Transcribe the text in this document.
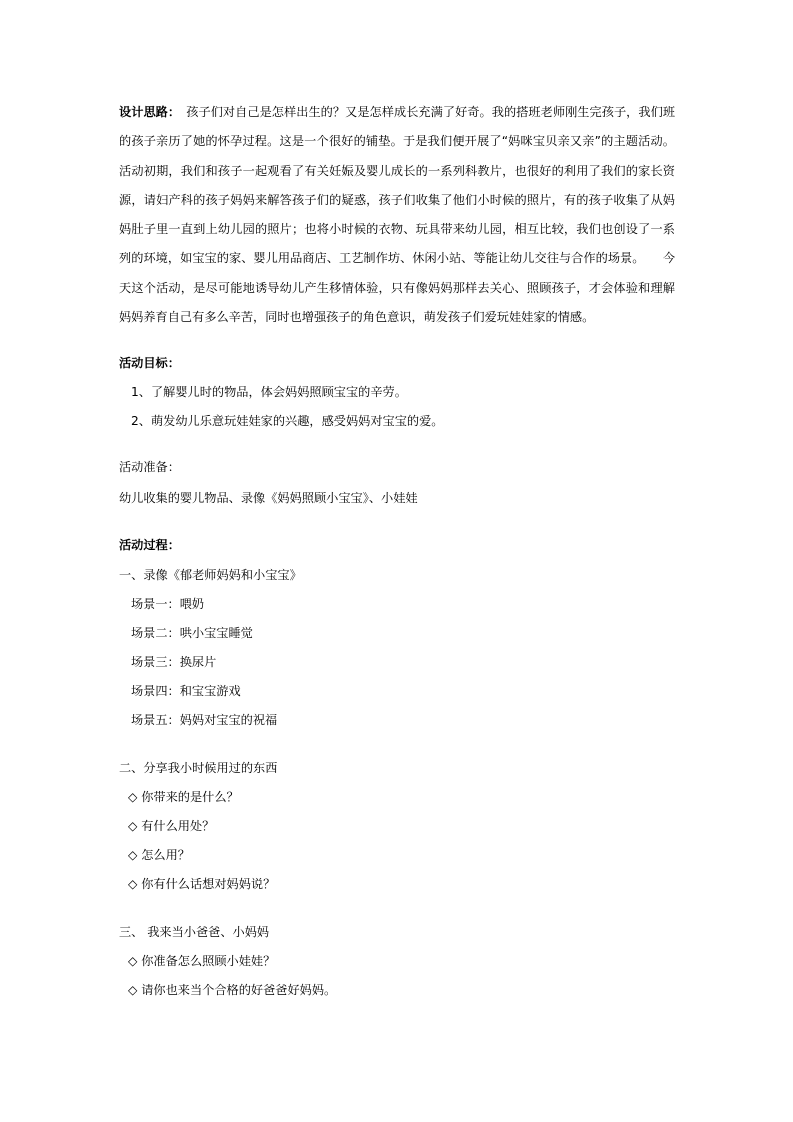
设计思路：　 孩子们对自己是怎样出生的？又是怎样成长充满了好奇。我的搭班老师刚生完孩子，我们班的孩子亲历了她的怀孕过程。这是一个很好的铺垫。于是我们便开展了“妈咪宝贝亲又亲”的主题活动。活动初期，我们和孩子一起观看了有关妊娠及婴儿成长的一系列科教片，也很好的利用了我们的家长资源，请妇产科的孩子妈妈来解答孩子们的疑惑，孩子们收集了他们小时候的照片，有的孩子收集了从妈妈肚子里一直到上幼儿园的照片；也将小时候的衣物、玩具带来幼儿园，相互比较，我们也创设了一系列的环境，如宝宝的家、婴儿用品商店、工艺制作坊、休闲小站、等能让幼儿交往与合作的场景。　　今天这个活动，是尽可能地诱导幼儿产生移情体验，只有像妈妈那样去关心、照顾孩子，才会体验和理解妈妈养育自己有多么辛苦，同时也增强孩子的角色意识，萌发孩子们爱玩娃娃家的情感。
活动目标：
1、了解婴儿时的物品，体会妈妈照顾宝宝的辛劳。
2、萌发幼儿乐意玩娃娃家的兴趣，感受妈妈对宝宝的爱。
活动准备：
幼儿收集的婴儿物品、录像《妈妈照顾小宝宝》、小娃娃
活动过程：
一、录像《郁老师妈妈和小宝宝》
场景一：喂奶
场景二：哄小宝宝睡觉
场景三：换尿片
场景四：和宝宝游戏
场景五：妈妈对宝宝的祝福
二、分享我小时候用过的东西
◇ 你带来的是什么？
◇ 有什么用处？
◇ 怎么用？
◇ 你有什么话想对妈妈说？
三、 我来当小爸爸、小妈妈
◇ 你准备怎么照顾小娃娃？
◇ 请你也来当个合格的好爸爸好妈妈。
